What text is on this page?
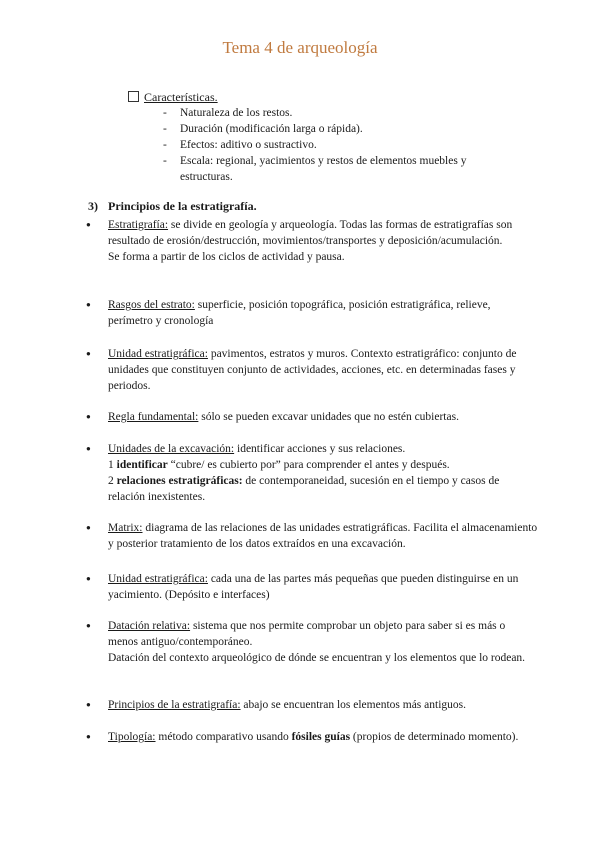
Tema 4 de arqueología
Características.
- Naturaleza de los restos.
- Duración (modificación larga o rápida).
- Efectos: aditivo o sustractivo.
- Escala: regional, yacimientos y restos de elementos muebles y estructuras.
3) Principios de la estratigrafía.

● Estratigrafía: se divide en geología y arqueología. Todas las formas de estratigrafías son resultado de erosión/destrucción, movimientos/transportes y deposición/acumulación.

Se forma a partir de los ciclos de actividad y pausa.

● Rasgos del estrato: superficie, posición topográfica, posición estratigráfica, relieve, perímetro y cronología

● Unidad estratigráfica: pavimentos, estratos y muros. Contexto estratigráfico: conjunto de unidades que constituyen conjunto de actividades, acciones, etc. en determinadas fases y periodos.

● Regla fundamental: sólo se pueden excavar unidades que no estén cubiertas.

● Unidades de la excavación: identificar acciones y sus relaciones.

1 identificar “cubre/ es cubierto por” para comprender el antes y después.

2 relaciones estratigráficas: de contemporaneidad, sucesión en el tiempo y casos de relación inexistentes.

● Matrix: diagrama de las relaciones de las unidades estratigráficas. Facilita el almacenamiento y posterior tratamiento de los datos extraídos en una excavación.

● Unidad estratigráfica: cada una de las partes más pequeñas que pueden distinguirse en un yacimiento. (Depósito e interfaces)

● Datación relativa: sistema que nos permite comprobar un objeto para saber si es más o menos antiguo/contemporáneo.

Datación del contexto arqueológico de dónde se encuentran y los elementos que lo rodean.

● Principios de la estratigrafía: abajo se encuentran los elementos más antiguos.

● Tipología: método comparativo usando fósiles guías (propios de determinado momento).
